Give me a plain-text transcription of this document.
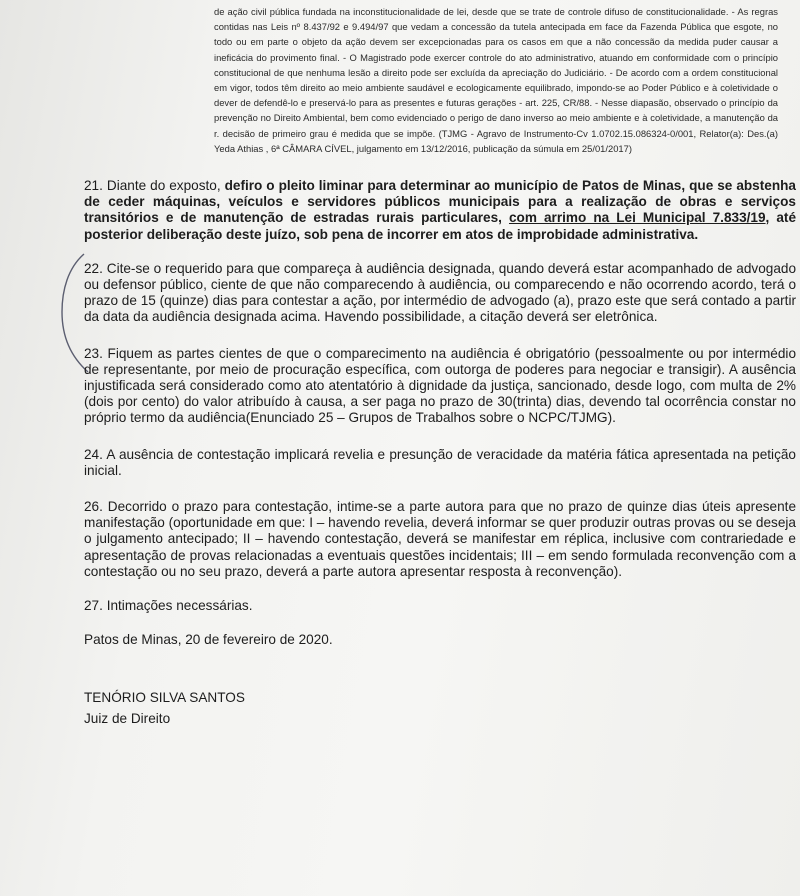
de ação civil pública fundada na inconstitucionalidade de lei, desde que se trate de controle difuso de constitucionalidade. - As regras contidas nas Leis nº 8.437/92 e 9.494/97 que vedam a concessão da tutela antecipada em face da Fazenda Pública que esgote, no todo ou em parte o objeto da ação devem ser excepcionadas para os casos em que a não concessão da medida puder causar a ineficácia do provimento final. - O Magistrado pode exercer controle do ato administrativo, atuando em conformidade com o princípio constitucional de que nenhuma lesão a direito pode ser excluída da apreciação do Judiciário. - De acordo com a ordem constitucional em vigor, todos têm direito ao meio ambiente saudável e ecologicamente equilibrado, impondo-se ao Poder Público e à coletividade o dever de defendê-lo e preservá-lo para as presentes e futuras gerações - art. 225, CR/88. - Nesse diapasão, observado o princípio da prevenção no Direito Ambiental, bem como evidenciado o perigo de dano inverso ao meio ambiente e à coletividade, a manutenção da r. decisão de primeiro grau é medida que se impõe. (TJMG - Agravo de Instrumento-Cv 1.0702.15.086324-0/001, Relator(a): Des.(a) Yeda Athias , 6ª CÂMARA CÍVEL, julgamento em 13/12/2016, publicação da súmula em 25/01/2017)

21. Diante do exposto, defiro o pleito liminar para determinar ao município de Patos de Minas, que se abstenha de ceder máquinas, veículos e servidores públicos municipais para a realização de obras e serviços transitórios e de manutenção de estradas rurais particulares, com arrimo na Lei Municipal 7.833/19, até posterior deliberação deste juízo, sob pena de incorrer em atos de improbidade administrativa.

22. Cite-se o requerido para que compareça à audiência designada, quando deverá estar acompanhado de advogado ou defensor público, ciente de que não comparecendo à audiência, ou comparecendo e não ocorrendo acordo, terá o prazo de 15 (quinze) dias para contestar a ação, por intermédio de advogado (a), prazo este que será contado a partir da data da audiência designada acima. Havendo possibilidade, a citação deverá ser eletrônica.

23. Fiquem as partes cientes de que o comparecimento na audiência é obrigatório (pessoalmente ou por intermédio de representante, por meio de procuração específica, com outorga de poderes para negociar e transigir). A ausência injustificada será considerado como ato atentatório à dignidade da justiça, sancionado, desde logo, com multa de 2%(dois por cento) do valor atribuído à causa, a ser paga no prazo de 30(trinta) dias, devendo tal ocorrência constar no próprio termo da audiência(Enunciado 25 – Grupos de Trabalhos sobre o NCPC/TJMG).

24. A ausência de contestação implicará revelia e presunção de veracidade da matéria fática apresentada na petição inicial.

26. Decorrido o prazo para contestação, intime-se a parte autora para que no prazo de quinze dias úteis apresente manifestação (oportunidade em que: I – havendo revelia, deverá informar se quer produzir outras provas ou se deseja o julgamento antecipado; II – havendo contestação, deverá se manifestar em réplica, inclusive com contrariedade e apresentação de provas relacionadas a eventuais questões incidentais; III – em sendo formulada reconvenção com a contestação ou no seu prazo, deverá a parte autora apresentar resposta à reconvenção).

27. Intimações necessárias.

Patos de Minas, 20 de fevereiro de 2020.
TENÓRIO SILVA SANTOS
Juiz de Direito
